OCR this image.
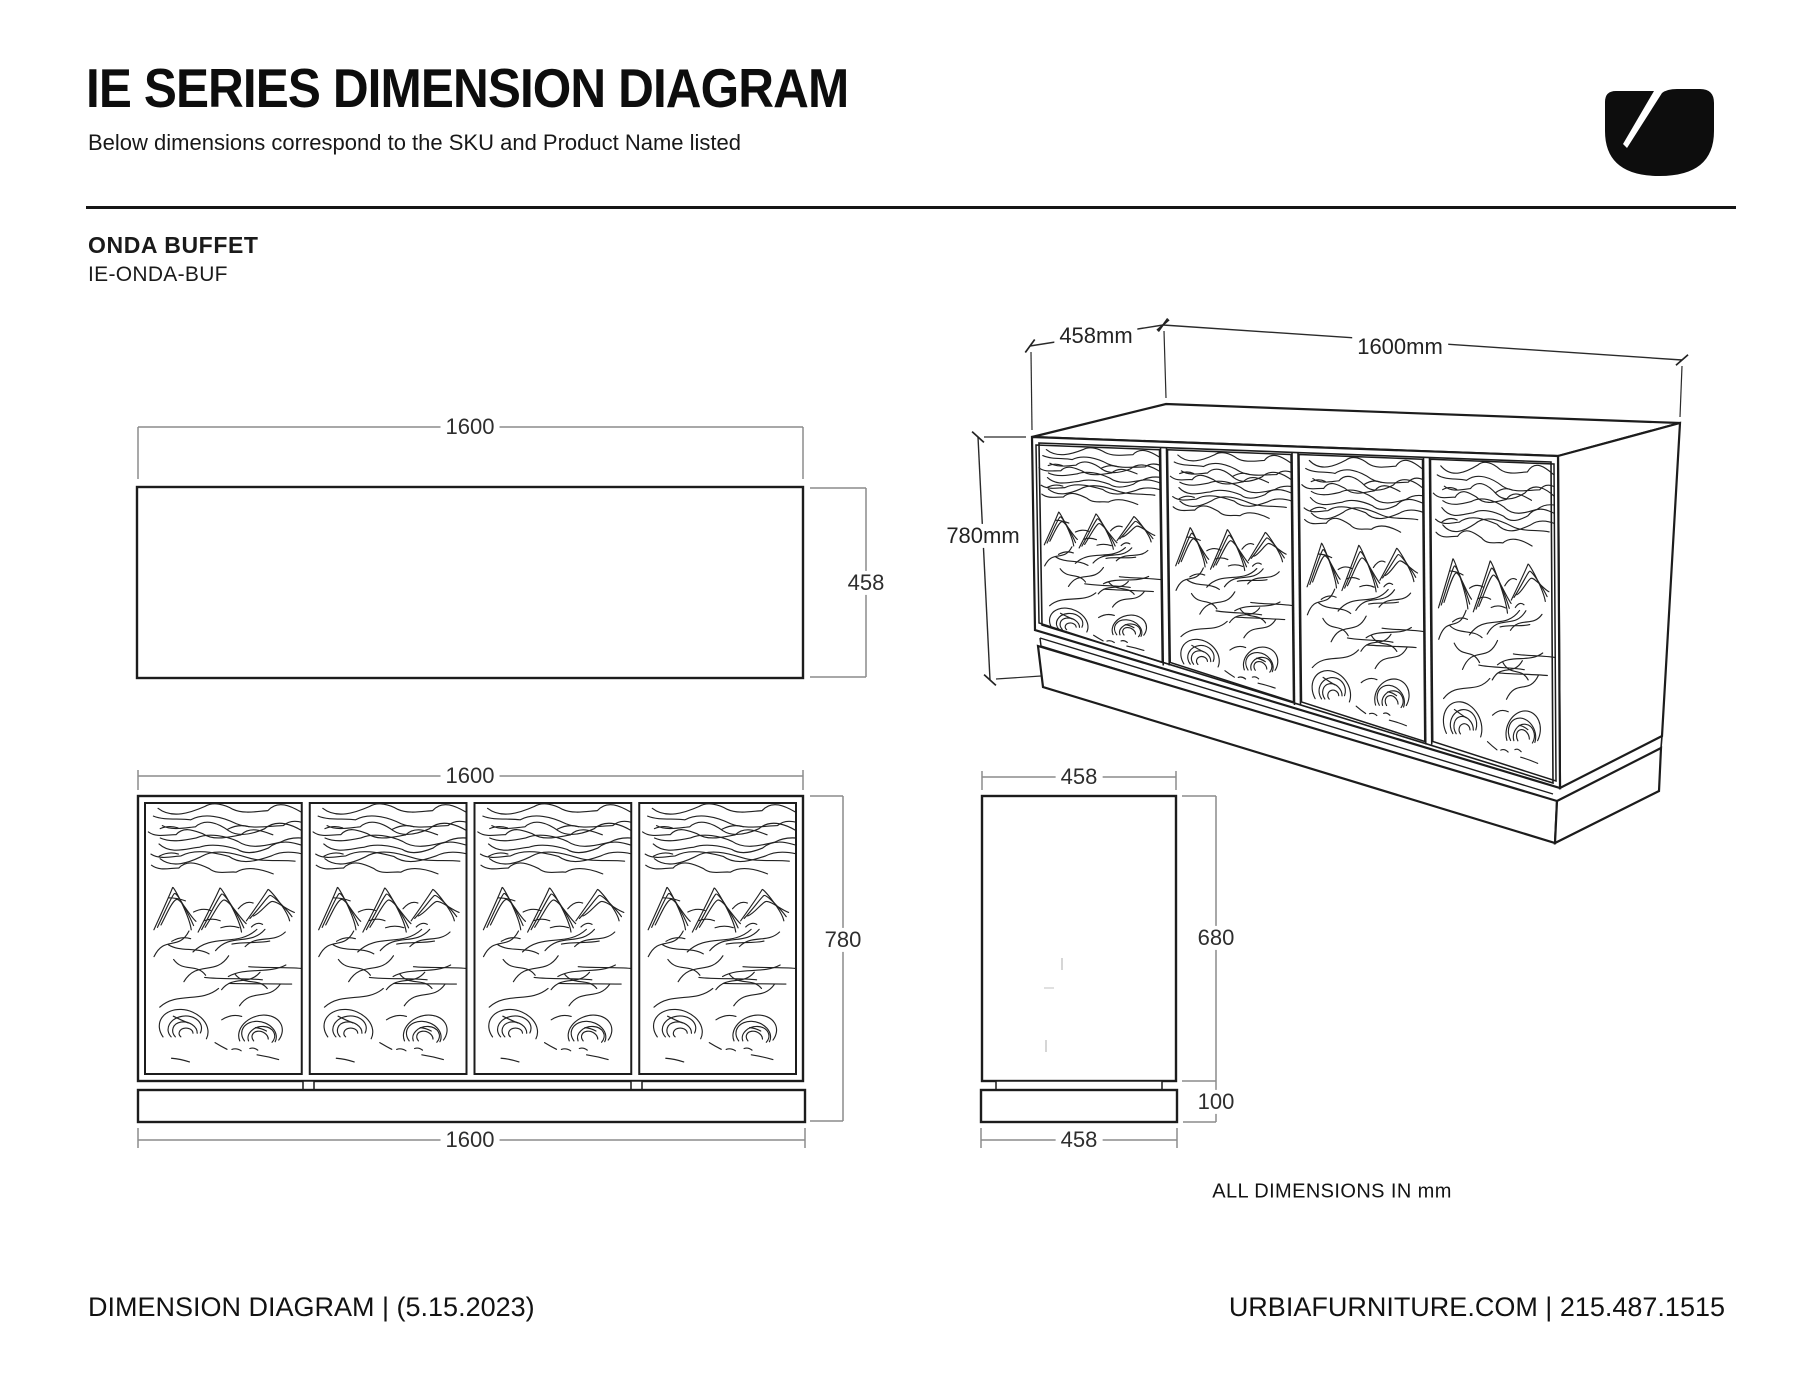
IE SERIES DIMENSION DIAGRAM
Below dimensions correspond to the SKU and Product Name listed
ONDA BUFFET
IE-ONDA-BUF
1600
458
458mm	1600mm
780mm
1600
780
1600
458
680
100
458
ALL DIMENSIONS IN mm
DIMENSION DIAGRAM | (5.15.2023)	URBIAFURNITURE.COM | 215.487.1515
